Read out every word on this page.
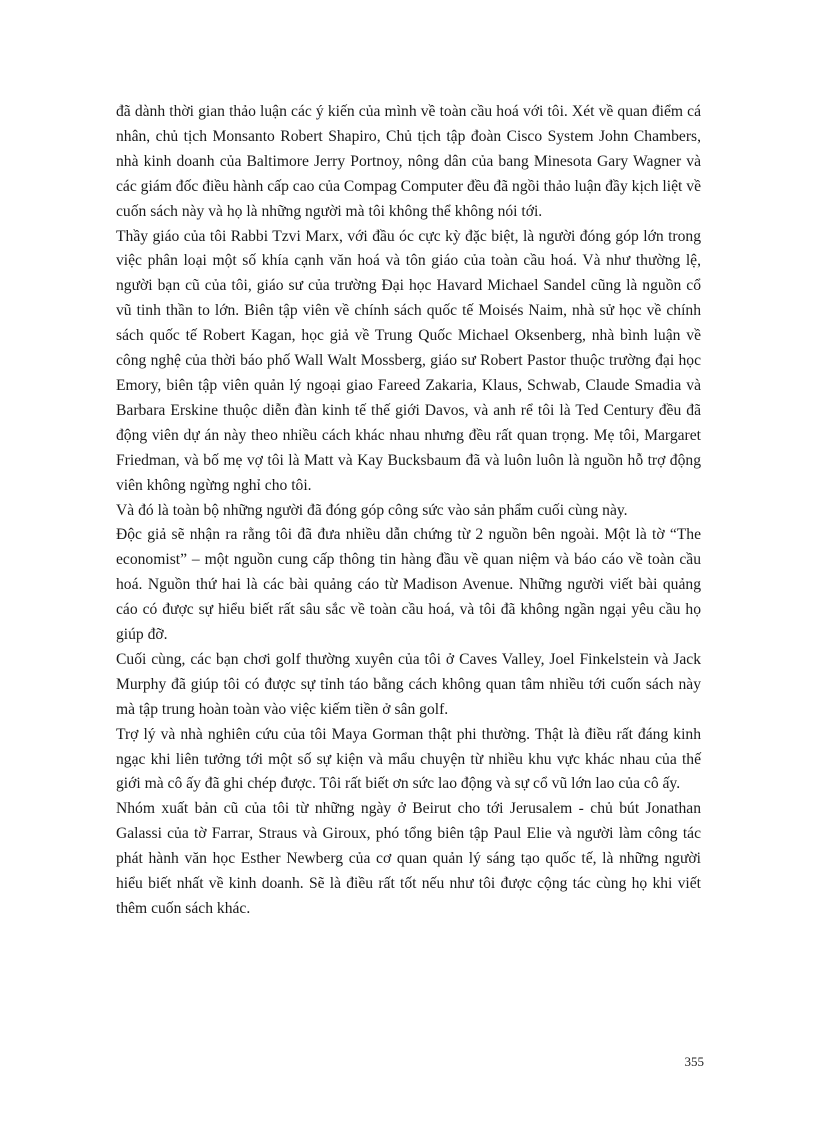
đã dành thời gian thảo luận các ý kiến của mình về toàn cầu hoá với tôi. Xét về quan điểm cá nhân, chủ tịch Monsanto Robert Shapiro, Chủ tịch tập đoàn Cisco System John Chambers, nhà kinh doanh của Baltimore Jerry Portnoy, nông dân của bang Minesota Gary Wagner và các giám đốc điều hành cấp cao của Compag Computer đều đã ngồi thảo luận đầy kịch liệt về cuốn sách này và họ là những người mà tôi không thể không nói tới.

Thầy giáo của tôi Rabbi Tzvi Marx, với đầu óc cực kỳ đặc biệt, là người đóng góp lớn trong việc phân loại một số khía cạnh văn hoá và tôn giáo của toàn cầu hoá. Và như thường lệ, người bạn cũ của tôi, giáo sư của trường Đại học Havard Michael Sandel cũng là nguồn cổ vũ tinh thần to lớn. Biên tập viên về chính sách quốc tế Moisés Naim, nhà sử học về chính sách quốc tế Robert Kagan, học giả về Trung Quốc Michael Oksenberg, nhà bình luận về công nghệ của thời báo phố Wall Walt Mossberg, giáo sư Robert Pastor thuộc trường đại học Emory, biên tập viên quản lý ngoại giao Fareed Zakaria, Klaus, Schwab, Claude Smadia và Barbara Erskine thuộc diễn đàn kinh tế thế giới Davos, và anh rể tôi là Ted Century đều đã động viên dự án này theo nhiều cách khác nhau nhưng đều rất quan trọng. Mẹ tôi, Margaret Friedman, và bố mẹ vợ tôi là Matt và Kay Bucksbaum đã và luôn luôn là nguồn hỗ trợ động viên không ngừng nghỉ cho tôi.

Và đó là toàn bộ những người đã đóng góp công sức vào sản phẩm cuối cùng này.

Độc giả sẽ nhận ra rằng tôi đã đưa nhiều dẫn chứng từ 2 nguồn bên ngoài. Một là tờ “The economist” – một nguồn cung cấp thông tin hàng đầu về quan niệm và báo cáo về toàn cầu hoá. Nguồn thứ hai là các bài quảng cáo từ Madison Avenue. Những người viết bài quảng cáo có được sự hiểu biết rất sâu sắc về toàn cầu hoá, và tôi đã không ngần ngại yêu cầu họ giúp đỡ.

Cuối cùng, các bạn chơi golf thường xuyên của tôi ở Caves Valley, Joel Finkelstein và Jack Murphy đã giúp tôi có được sự tỉnh táo bằng cách không quan tâm nhiều tới cuốn sách này mà tập trung hoàn toàn vào việc kiếm tiền ở sân golf.

Trợ lý và nhà nghiên cứu của tôi Maya Gorman thật phi thường. Thật là điều rất đáng kinh ngạc khi liên tưởng tới một số sự kiện và mẩu chuyện từ nhiều khu vực khác nhau của thế giới mà cô ấy đã ghi chép được. Tôi rất biết ơn sức lao động và sự cổ vũ lớn lao của cô ấy.

Nhóm xuất bản cũ của tôi từ những ngày ở Beirut cho tới Jerusalem - chủ bút Jonathan Galassi của tờ Farrar, Straus và Giroux, phó tổng biên tập Paul Elie và người làm công tác phát hành văn học Esther Newberg của cơ quan quản lý sáng tạo quốc tế, là những người hiểu biết nhất về kinh doanh. Sẽ là điều rất tốt nếu như tôi được cộng tác cùng họ khi viết thêm cuốn sách khác.

355
